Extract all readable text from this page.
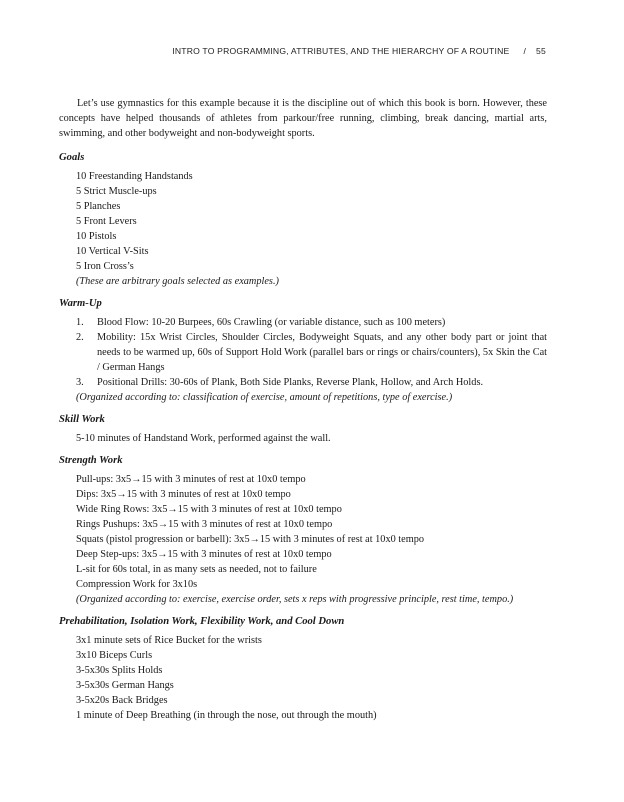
INTRO TO PROGRAMMING, ATTRIBUTES, AND THE HIERARCHY OF A ROUTINE / 55

Let’s use gymnastics for this example because it is the discipline out of which this book is born. However, these concepts have helped thousands of athletes from parkour/free running, climbing, break dancing, martial arts, swimming, and other bodyweight and non-bodyweight sports.

Goals
10 Freestanding Handstands
5 Strict Muscle-ups
5 Planches
5 Front Levers
10 Pistols
10 Vertical V-Sits
5 Iron Cross’s
(These are arbitrary goals selected as examples.)
Warm-Up
1.	Blood Flow: 10-20 Burpees, 60s Crawling (or variable distance, such as 100 meters)
2.	Mobility: 15x Wrist Circles, Shoulder Circles, Bodyweight Squats, and any other body part or joint that needs to be warmed up, 60s of Support Hold Work (parallel bars or rings or chairs/counters), 5x Skin the Cat / German Hangs
3.	Positional Drills: 30-60s of Plank, Both Side Planks, Reverse Plank, Hollow, and Arch Holds.
(Organized according to: classification of exercise, amount of repetitions, type of exercise.)
Skill Work
5-10 minutes of Handstand Work, performed against the wall.
Strength Work
Pull-ups: 3x5→15 with 3 minutes of rest at 10x0 tempo
Dips: 3x5→15 with 3 minutes of rest at 10x0 tempo
Wide Ring Rows: 3x5→15 with 3 minutes of rest at 10x0 tempo
Rings Pushups: 3x5→15 with 3 minutes of rest at 10x0 tempo
Squats (pistol progression or barbell): 3x5→15 with 3 minutes of rest at 10x0 tempo
Deep Step-ups: 3x5→15 with 3 minutes of rest at 10x0 tempo
L-sit for 60s total, in as many sets as needed, not to failure
Compression Work for 3x10s
(Organized according to: exercise, exercise order, sets x reps with progressive principle, rest time, tempo.)
Prehabilitation, Isolation Work, Flexibility Work, and Cool Down
3x1 minute sets of Rice Bucket for the wrists
3x10 Biceps Curls
3-5x30s Splits Holds
3-5x30s German Hangs
3-5x20s Back Bridges
1 minute of Deep Breathing (in through the nose, out through the mouth)
